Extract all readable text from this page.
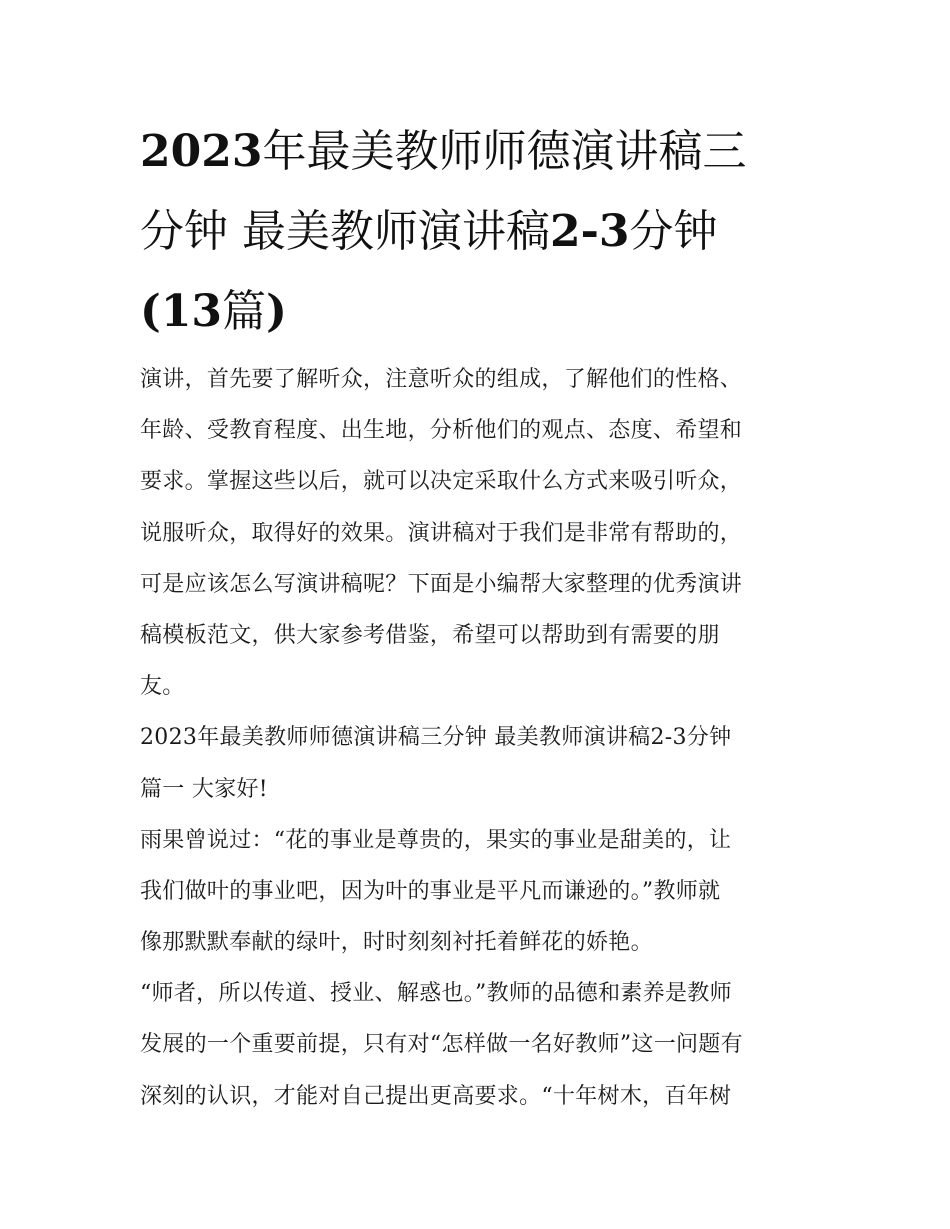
2023年最美教师师德演讲稿三
分钟 最美教师演讲稿2-3分钟
(13篇)
演讲，首先要了解听众，注意听众的组成，了解他们的性格、
年龄、受教育程度、出生地，分析他们的观点、态度、希望和
要求。掌握这些以后，就可以决定采取什么方式来吸引听众，
说服听众，取得好的效果。演讲稿对于我们是非常有帮助的，
可是应该怎么写演讲稿呢？下面是小编帮大家整理的优秀演讲
稿模板范文，供大家参考借鉴，希望可以帮助到有需要的朋
友。
2023年最美教师师德演讲稿三分钟 最美教师演讲稿2-3分钟
篇一 大家好!
雨果曾说过：“花的事业是尊贵的，果实的事业是甜美的，让
我们做叶的事业吧，因为叶的事业是平凡而谦逊的。”教师就
像那默默奉献的绿叶，时时刻刻衬托着鲜花的娇艳。
“师者，所以传道、授业、解惑也。”教师的品德和素养是教师
发展的一个重要前提，只有对“怎样做一名好教师”这一问题有
深刻的认识，才能对自己提出更高要求。“十年树木，百年树
